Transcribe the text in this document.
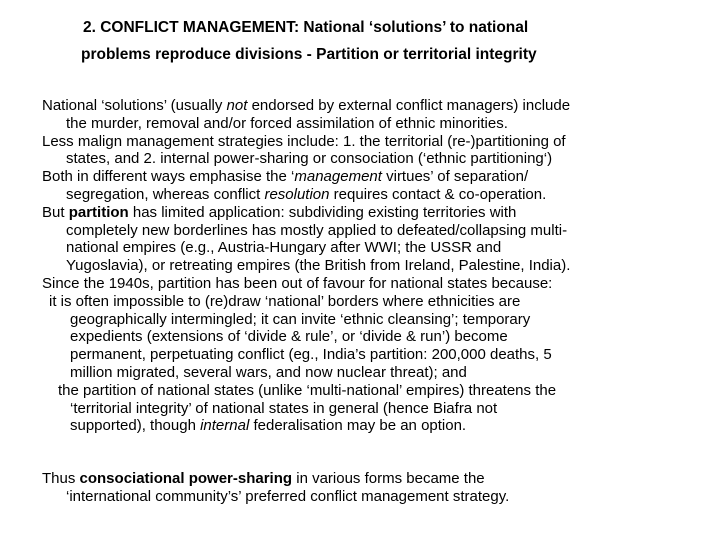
2. CONFLICT MANAGEMENT: National ‘solutions’ to national
problems reproduce divisions - Partition or territorial integrity
National ‘solutions’ (usually not endorsed by external conflict managers) include
the murder, removal and/or forced assimilation of ethnic minorities.
Less malign management strategies include: 1. the territorial (re-)partitioning of
states, and 2. internal power-sharing or consociation (‘ethnic partitioning‘)
Both in different ways emphasise the ‘management virtues’ of separation/
segregation, whereas conflict resolution requires contact & co-operation.
But partition has limited application: subdividing existing territories with
completely new borderlines has mostly applied to defeated/collapsing multi-
national empires (e.g., Austria-Hungary after WWI; the USSR and
Yugoslavia), or retreating empires (the British from Ireland, Palestine, India).
Since the 1940s, partition has been out of favour for national states because:
it is often impossible to (re)draw ‘national’ borders where ethnicities are
geographically intermingled; it can invite ‘ethnic cleansing’; temporary
expedients (extensions of ‘divide & rule’, or ‘divide & run’) become
permanent, perpetuating conflict (eg., India’s partition: 200,000 deaths, 5
million migrated, several wars, and now nuclear threat); and
the partition of national states (unlike ‘multi-national’ empires) threatens the
‘territorial integrity’ of national states in general (hence Biafra not
supported), though internal federalisation may be an option.
Thus consociational power-sharing in various forms became the
‘international community’s’ preferred conflict management strategy.
